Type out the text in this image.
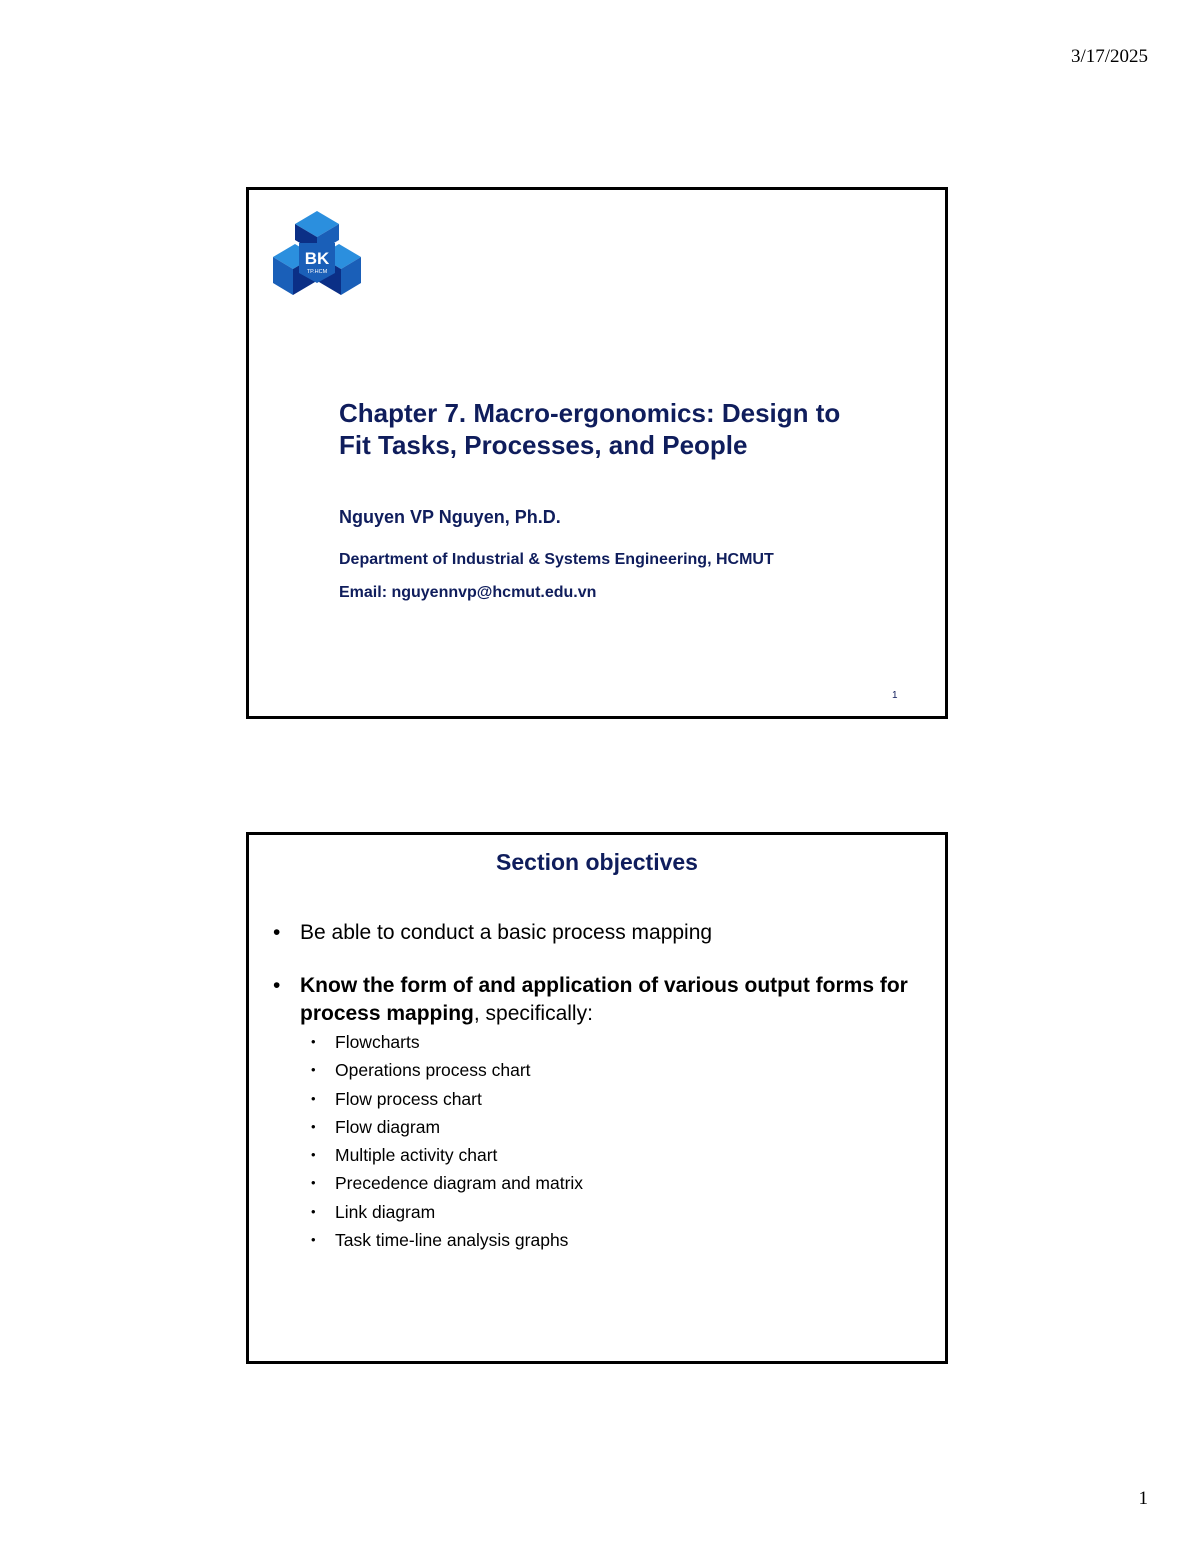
3/17/2025
BK
TP.HCM
Chapter 7. Macro-ergonomics: Design to
Fit Tasks, Processes, and People
Nguyen VP Nguyen, Ph.D.
Department of Industrial & Systems Engineering, HCMUT
Email: nguyennvp@hcmut.edu.vn
1
Section objectives
• Be able to conduct a basic process mapping
• Know the form of and application of various output forms for process mapping, specifically:
• Flowcharts
• Operations process chart
• Flow process chart
• Flow diagram
• Multiple activity chart
• Precedence diagram and matrix
• Link diagram
• Task time-line analysis graphs
1
